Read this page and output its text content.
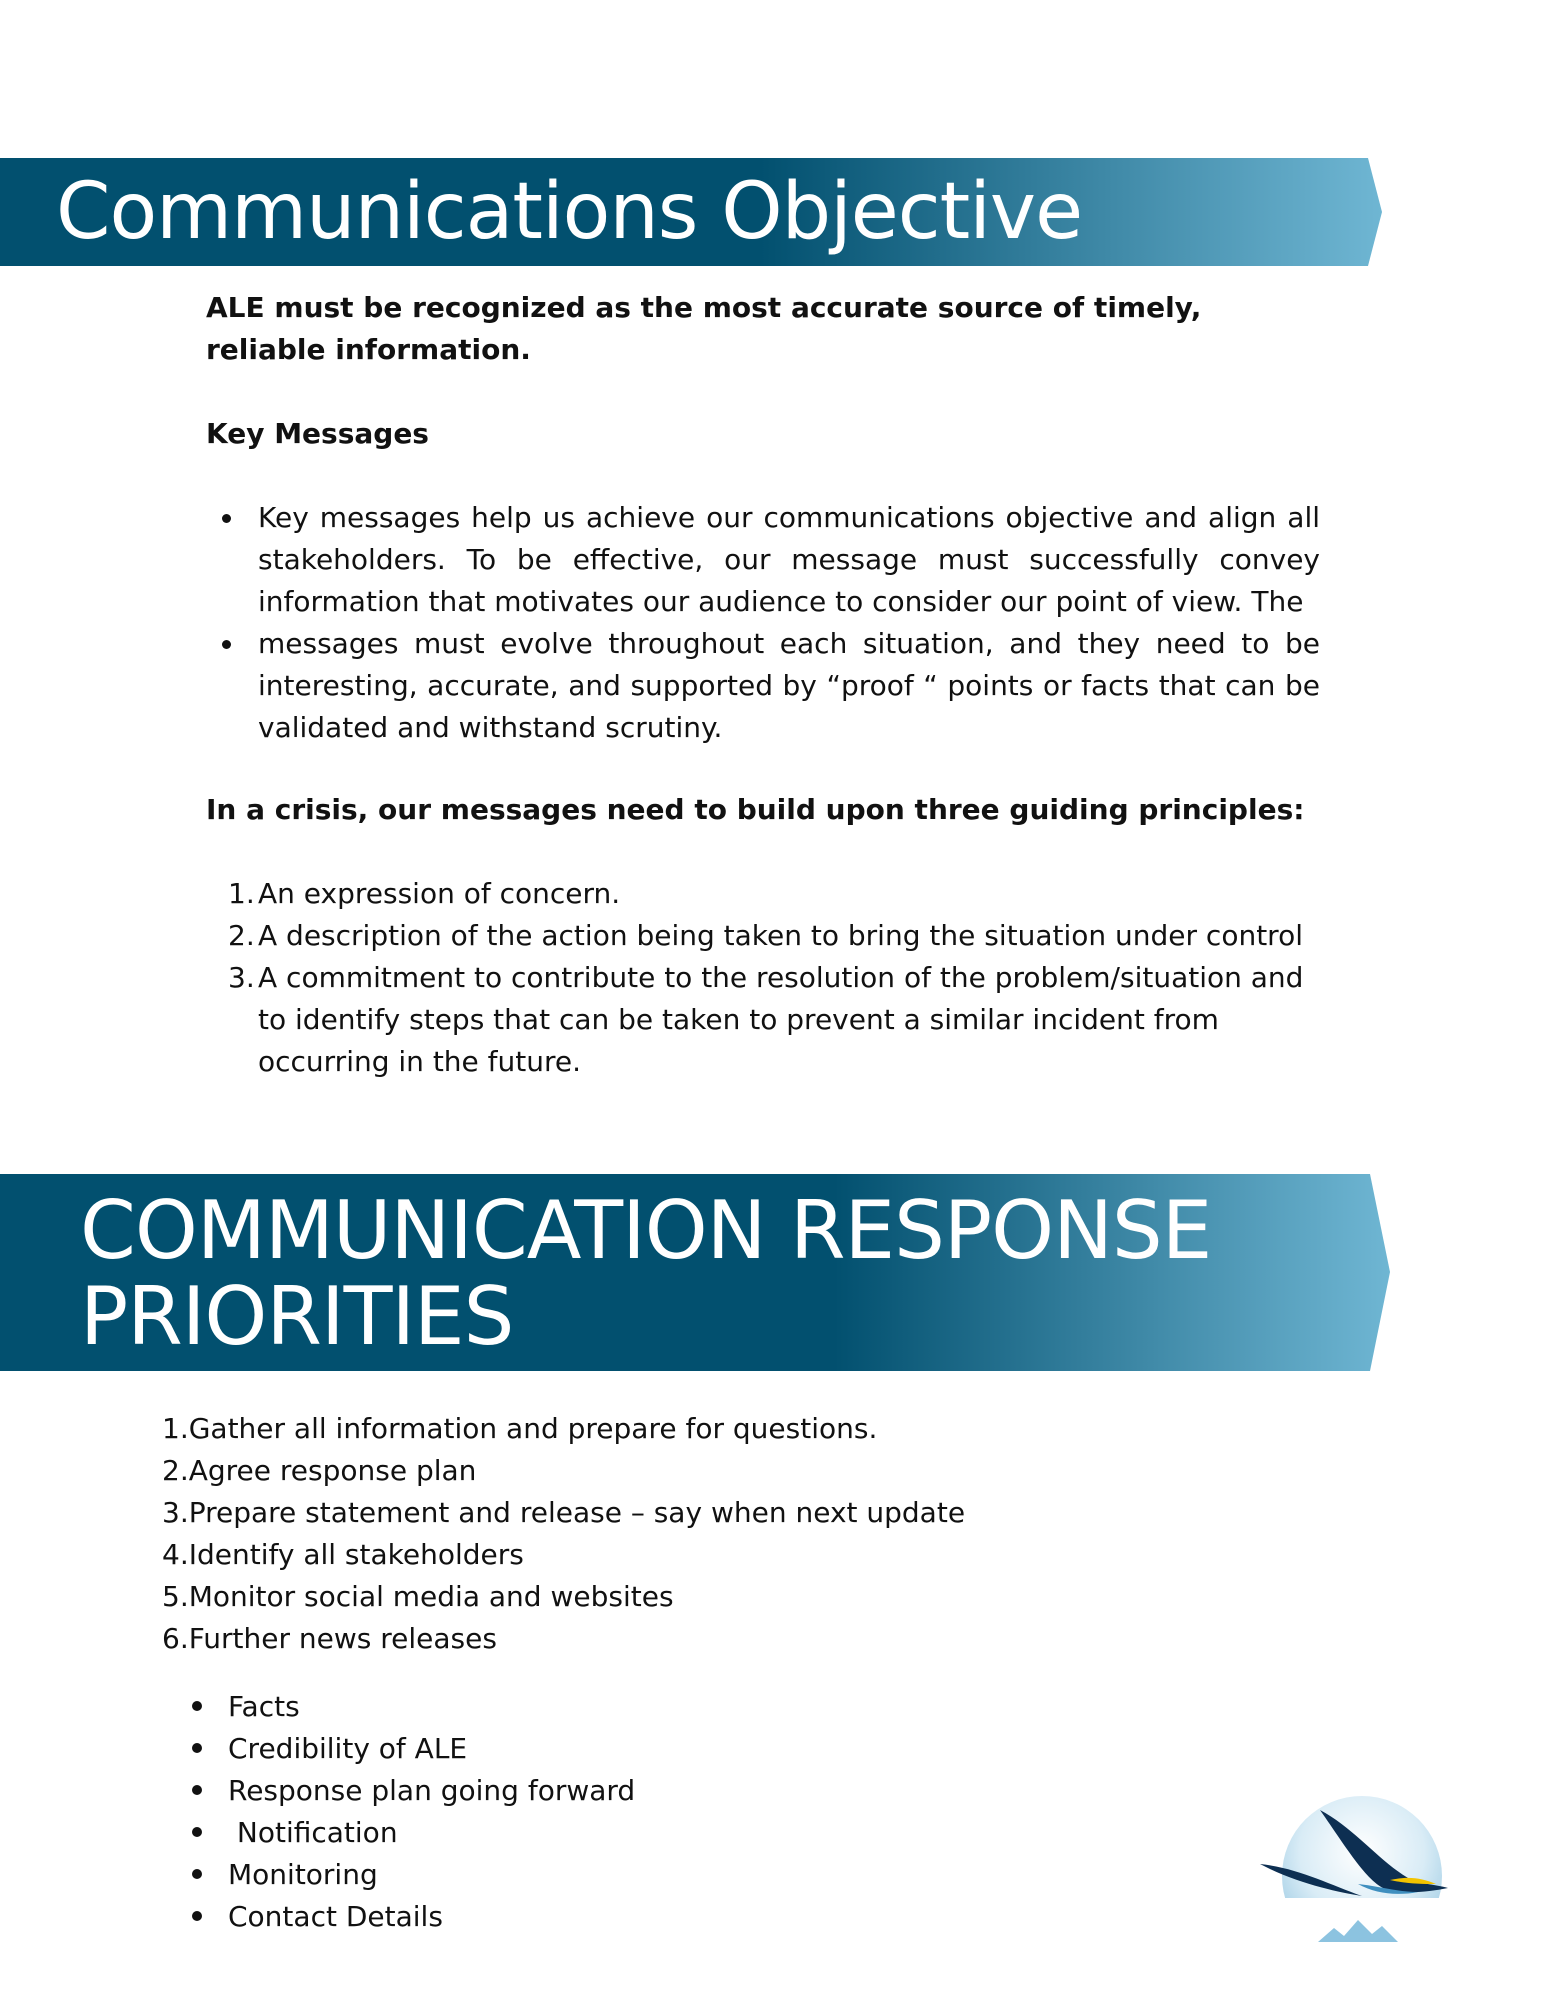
Communications Objective
ALE must be recognized as the most accurate source of timely, reliable information.
Key Messages
Key messages help us achieve our communications objective and align all stakeholders. To be effective, our message must successfully convey information that motivates our audience to consider our point of view. The
messages must evolve throughout each situation, and they need to be interesting, accurate, and supported by “proof “ points or facts that can be validated and withstand scrutiny.
In a crisis, our messages need to build upon three guiding principles:
1. An expression of concern.
2. A description of the action being taken to bring the situation under control
3. A commitment to contribute to the resolution of the problem/situation and to identify steps that can be taken to prevent a similar incident from occurring in the future.
COMMUNICATION RESPONSE
PRIORITIES
1.Gather all information and prepare for questions.
2.Agree response plan
3.Prepare statement and release – say when next update
4.Identify all stakeholders
5.Monitor social media and websites
6.Further news releases
Facts
Credibility of ALE
Response plan going forward
Notification
Monitoring
Contact Details
